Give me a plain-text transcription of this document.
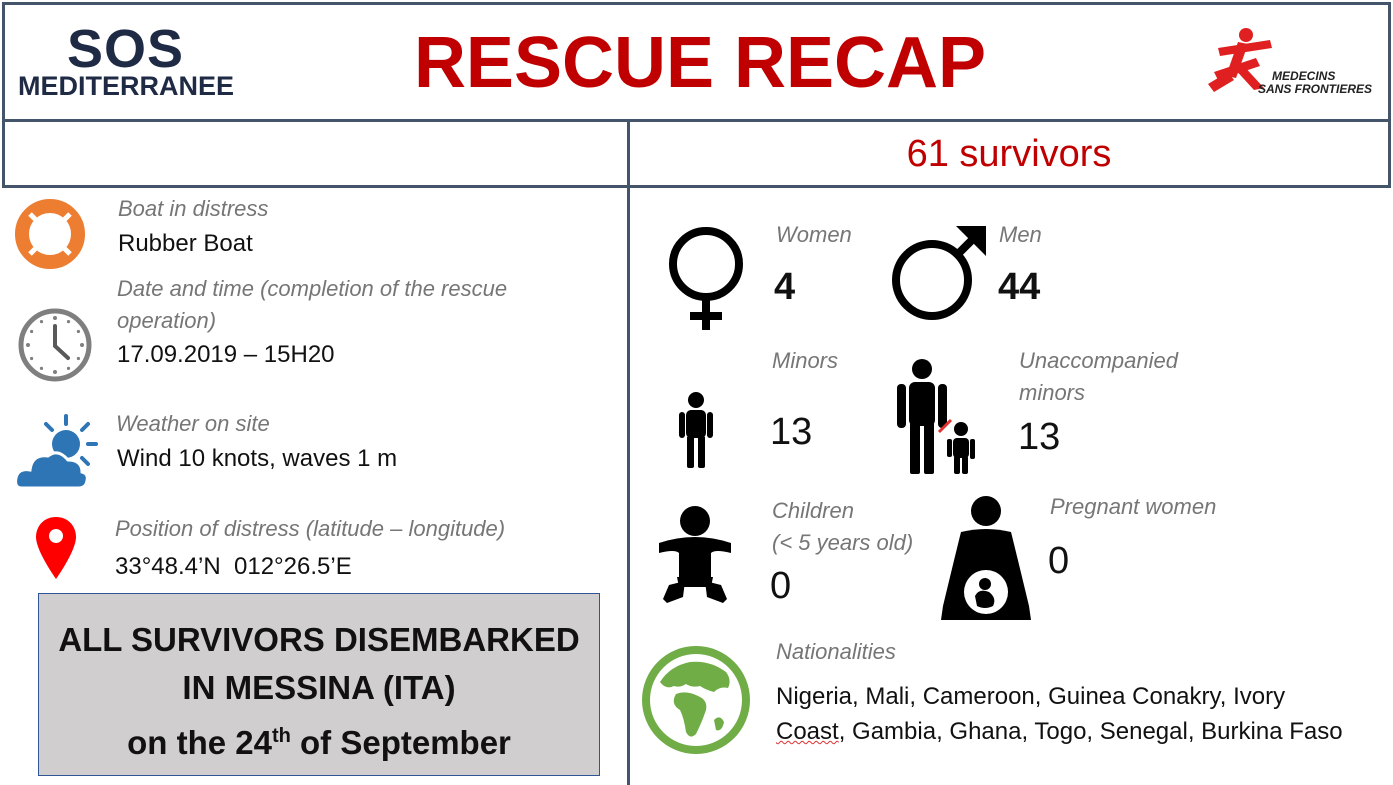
SOS
MEDITERRANEE	RESCUE RECAP	MEDECINS
SANS FRONTIERES
61 survivors
Boat in distress
Rubber Boat
Date and time (completion of the rescue
operation)
17.09.2019 – 15H20
Weather on site
Wind 10 knots, waves 1 m
Position of distress (latitude – longitude)
33°48.4’N  012°26.5’E
ALL SURVIVORS DISEMBARKED
IN MESSINA (ITA)
on the 24th of September
Women
4
Men
44
Minors
13
Unaccompanied
minors
13
Children
(< 5 years old)
0
Pregnant women
0
Nationalities
Nigeria, Mali, Cameroon, Guinea Conakry, Ivory
Coast, Gambia, Ghana, Togo, Senegal, Burkina Faso
